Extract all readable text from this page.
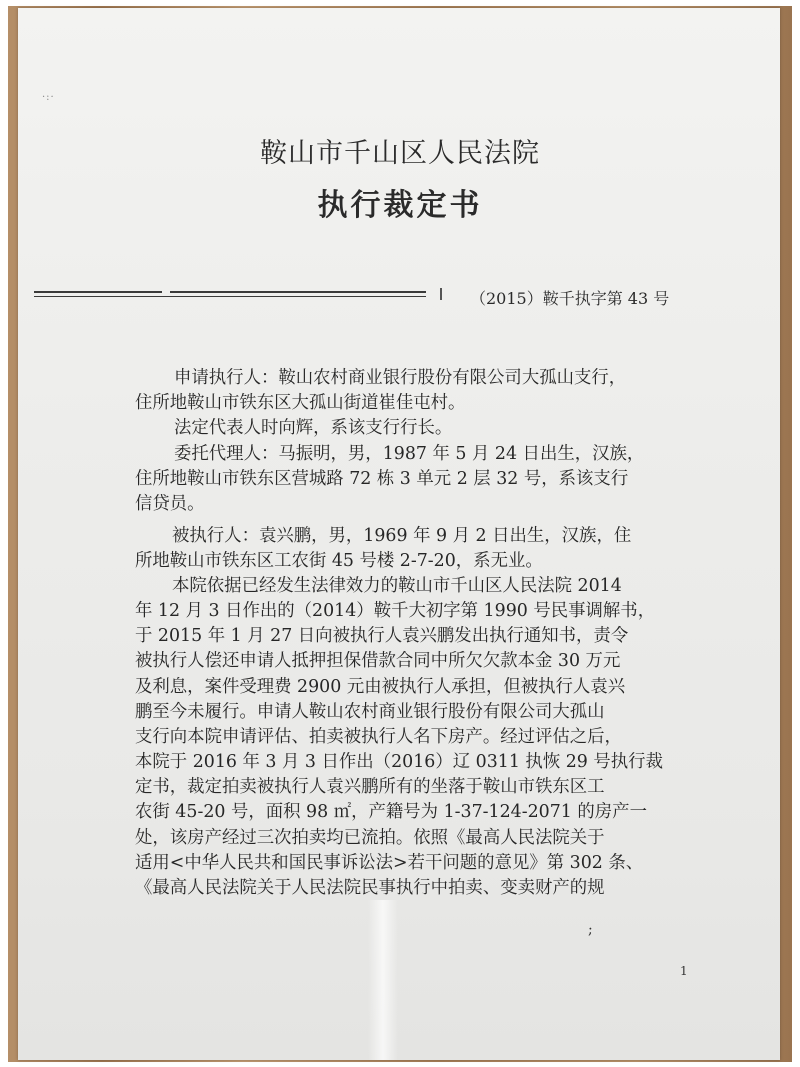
·:·
鞍山市千山区人民法院
执行裁定书
（2015）鞍千执字第 43 号
申请执行人：鞍山农村商业银行股份有限公司大孤山支行，
住所地鞍山市铁东区大孤山街道崔佳屯村。
法定代表人时向辉，系该支行行长。
委托代理人：马振明，男，1987 年 5 月 24 日出生，汉族，
住所地鞍山市铁东区营城路 72 栋 3 单元 2 层 32 号，系该支行
信贷员。
被执行人：袁兴鹏，男，1969 年 9 月 2 日出生，汉族，住
所地鞍山市铁东区工农街 45 号楼 2-7-20，系无业。
本院依据已经发生法律效力的鞍山市千山区人民法院 2014
年 12 月 3 日作出的（2014）鞍千大初字第 1990 号民事调解书，
于 2015 年 1 月 27 日向被执行人袁兴鹏发出执行通知书，责令
被执行人偿还申请人抵押担保借款合同中所欠欠款本金 30 万元
及利息，案件受理费 2900 元由被执行人承担，但被执行人袁兴
鹏至今未履行。申请人鞍山农村商业银行股份有限公司大孤山
支行向本院申请评估、拍卖被执行人名下房产。经过评估之后，
本院于 2016 年 3 月 3 日作出（2016）辽 0311 执恢 29 号执行裁
定书，裁定拍卖被执行人袁兴鹏所有的坐落于鞍山市铁东区工
农街 45-20 号，面积 98 ㎡，产籍号为 1-37-124-2071 的房产一
处，该房产经过三次拍卖均已流拍。依照《最高人民法院关于
适用<中华人民共和国民事诉讼法>若干问题的意见》第 302 条、
《最高人民法院关于人民法院民事执行中拍卖、变卖财产的规
;
1
